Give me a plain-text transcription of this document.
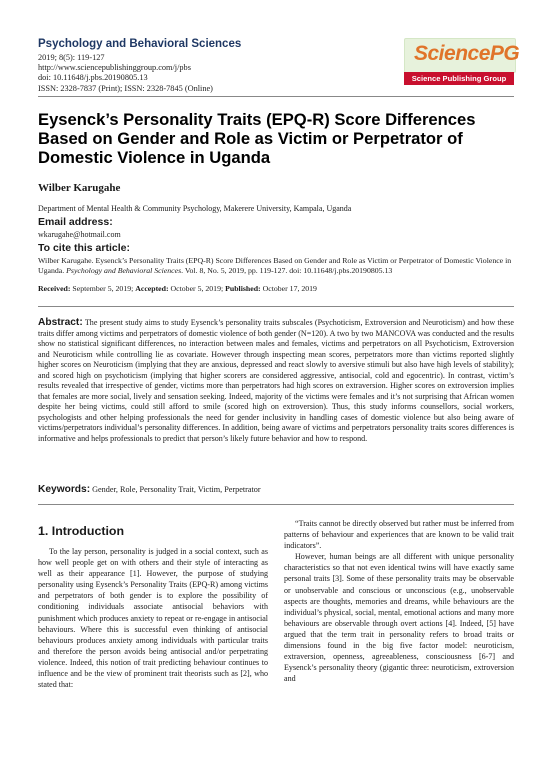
Psychology and Behavioral Sciences
2019; 8(5): 119-127
http://www.sciencepublishinggroup.com/j/pbs
doi: 10.11648/j.pbs.20190805.13
ISSN: 2328-7837 (Print); ISSN: 2328-7845 (Online)
SciencePG
Science Publishing Group
Eysenck’s Personality Traits (EPQ-R) Score Differences Based on Gender and Role as Victim or Perpetrator of Domestic Violence in Uganda
Wilber Karugahe
Department of Mental Health & Community Psychology, Makerere University, Kampala, Uganda
Email address:
wkarugahe@hotmail.com
To cite this article:
Wilber Karugahe. Eysenck’s Personality Traits (EPQ-R) Score Differences Based on Gender and Role as Victim or Perpetrator of Domestic Violence in Uganda. Psychology and Behavioral Sciences. Vol. 8, No. 5, 2019, pp. 119-127. doi: 10.11648/j.pbs.20190805.13
Received: September 5, 2019; Accepted: October 5, 2019; Published: October 17, 2019

Abstract: The present study aims to study Eysenck’s personality traits subscales (Psychoticism, Extroversion and Neuroticism) and how these traits differ among victims and perpetrators of domestic violence of both gender (N=120). A two by two MANCOVA was conducted and the results show no statistical significant differences, no interaction between males and females, victims and perpetrators on all Psychoticism, Extroversion and Neuroticism while controlling lie as covariate. However through inspecting mean scores, perpetrators more than victims reported slightly higher scores on Neuroticism (implying that they are anxious, depressed and react slowly to aversive stimuli but also have high levels of stability); and scored high on psychoticism (implying that higher scorers are considered aggressive, antisocial, cold and egocentric). In contrast, victim’s results revealed that irrespective of gender, victims more than perpetrators had high scores on extraversion. Higher scores on extroversion implies that females are more social, lively and sensation seeking. Indeed, majority of the victims were females and it’s not surprising that African women despite her being victims, could still afford to smile (scored high on extroversion). Thus, this study informs counsellors, social workers, psychologists and other helping professionals the need for gender inclusivity in handling cases of domestic violence but also being aware of victims/perpetrators individual’s personality differences. In addition, being aware of victims and perpetrators personality traits scores differences is informative and helps professionals to predict that person’s likely future behavior and how to respond.

Keywords: Gender, Role, Personality Trait, Victim, Perpetrator
1. Introduction

To the lay person, personality is judged in a social context, such as how well people get on with others and their style of interacting as well as their appearance [1]. However, the purpose of studying personality using Eysenck’s Personality Traits (EPQ-R) among victims and perpetrators of both gender is to explore the possibility of conditioning individuals associate antisocial behaviors with punishment which produces anxiety to repeat or re-engage in antisocial behaviours. Where this is successful even thinking of antisocial behaviours produces anxiety among individuals with particular traits and therefore the person avoids being antisocial and/or perpetrating violence. Indeed, this notion of trait predicting behaviour continues to influence and be the view of prominent trait theorists such as [2], who stated that:

“Traits cannot be directly observed but rather must be inferred from patterns of behaviour and experiences that are known to be valid trait indicators”.

However, human beings are all different with unique personality characteristics so that not even identical twins will have exactly same personal traits [3]. Some of these personality traits may be observable or unobservable and conscious or unconscious (e.g., unobservable aspects are thoughts, memories and dreams, while behaviours are the individual’s physical, social, mental, emotional actions and many more behaviours are observable through overt actions [4]. Indeed, [5] have argued that the term trait in personality refers to broad traits or dimensions found in the big five factor model: neuroticism, extraversion, openness, agreeableness, consciousness [6-7] and Eysenck’s personality theory (gigantic three: neuroticism, extroversion and
